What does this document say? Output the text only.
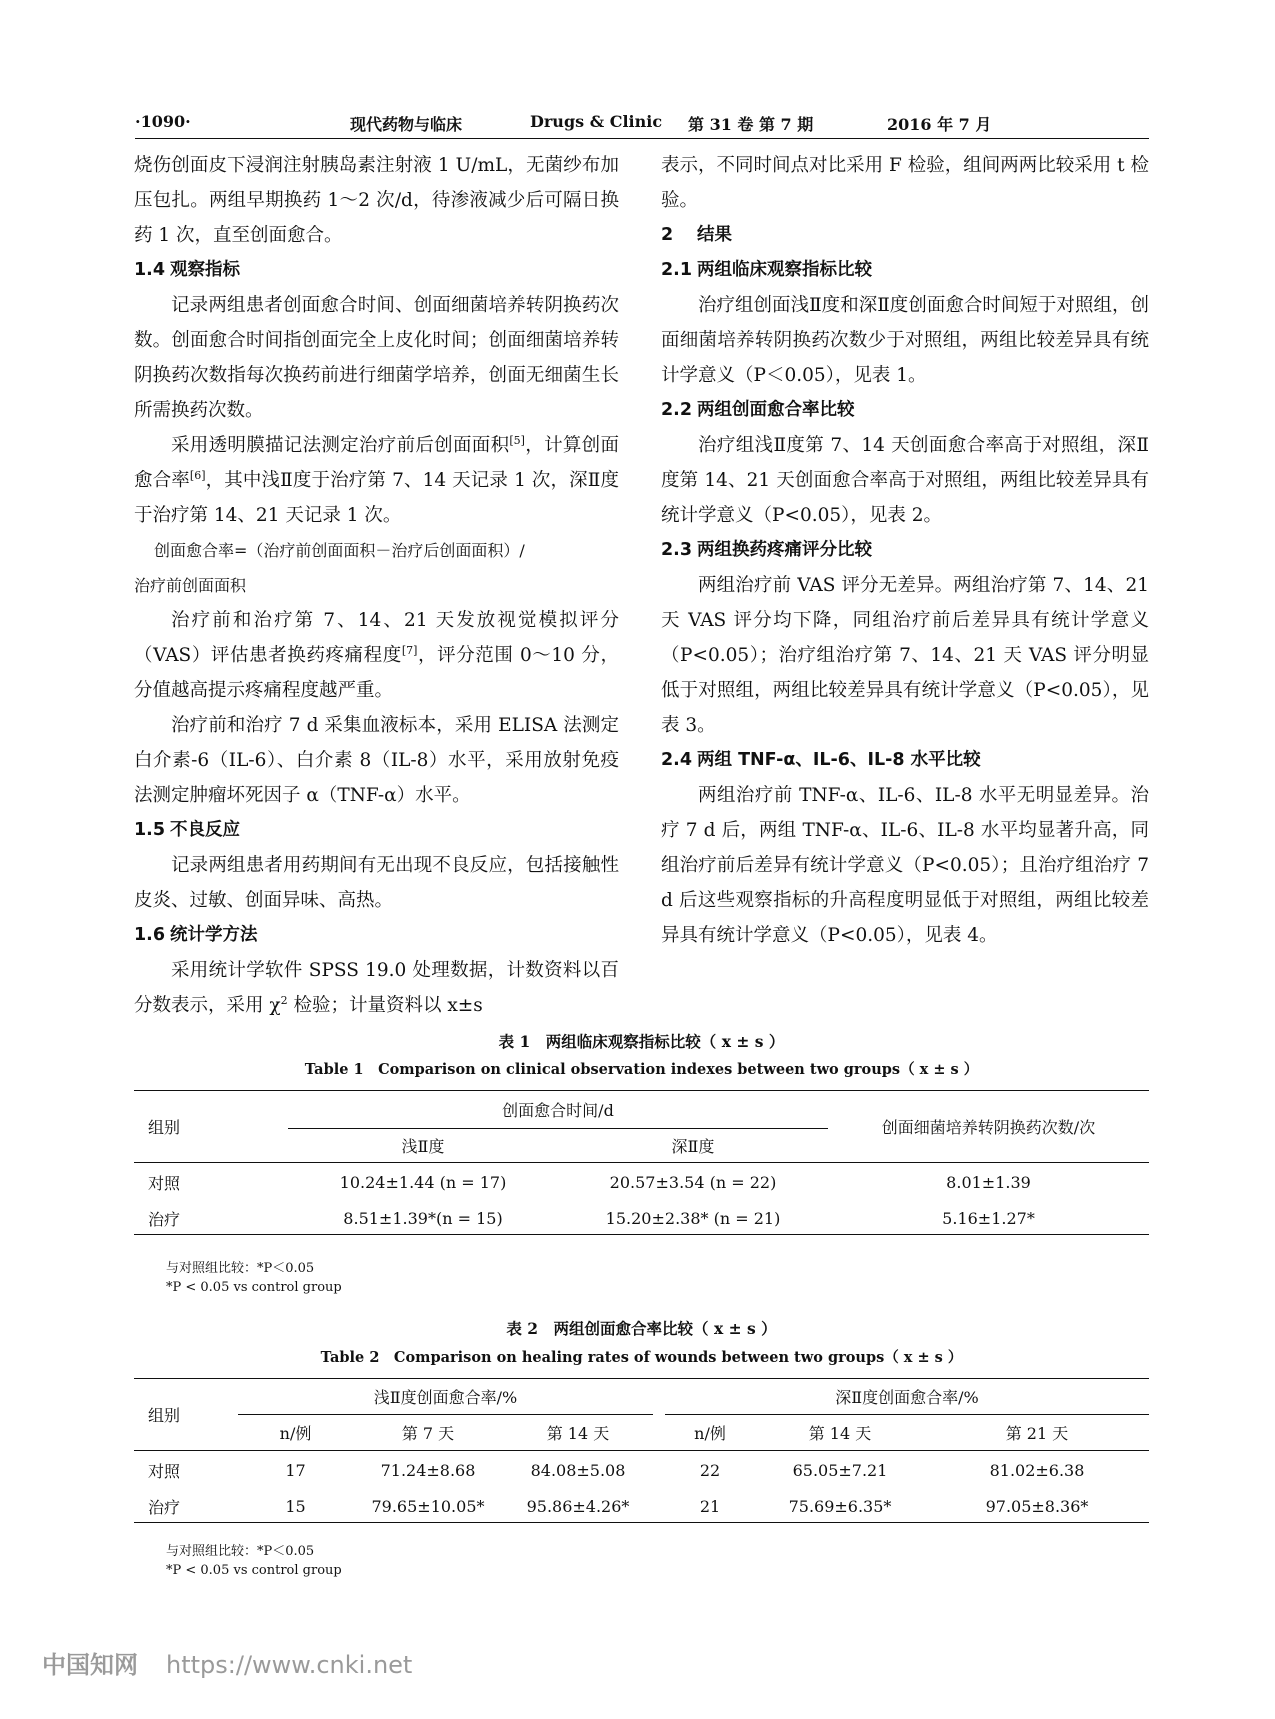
·1090·	现代药物与临床	Drugs & Clinic 第 31 卷 第 7 期	2016 年 7 月

烧伤创面皮下浸润注射胰岛素注射液 1 U/mL，无菌纱布加压包扎。两组早期换药 1～2 次/d，待渗液减少后可隔日换药 1 次，直至创面愈合。

1.4 观察指标

记录两组患者创面愈合时间、创面细菌培养转阴换药次数。创面愈合时间指创面完全上皮化时间；创面细菌培养转阴换药次数指每次换药前进行细菌学培养，创面无细菌生长所需换药次数。

采用透明膜描记法测定治疗前后创面面积[5]，计算创面愈合率[6]，其中浅Ⅱ度于治疗第 7、14 天记录 1 次，深Ⅱ度于治疗第 14、21 天记录 1 次。

创面愈合率=（治疗前创面面积－治疗后创面面积）/

治疗前创面面积

治疗前和治疗第 7、14、21 天发放视觉模拟评分（VAS）评估患者换药疼痛程度[7]，评分范围 0～10 分，分值越高提示疼痛程度越严重。

治疗前和治疗 7 d 采集血液标本，采用 ELISA 法测定白介素-6（IL-6）、白介素 8（IL-8）水平，采用放射免疫法测定肿瘤坏死因子 α（TNF-α）水平。

1.5 不良反应

记录两组患者用药期间有无出现不良反应，包括接触性皮炎、过敏、创面异味、高热。

1.6 统计学方法

采用统计学软件 SPSS 19.0 处理数据，计数资料以百分数表示，采用 $\chi^2$ 检验；计量资料以 x±s

表示，不同时间点对比采用 F 检验，组间两两比较采用 t 检验。

2 结果
2.1 两组临床观察指标比较

治疗组创面浅Ⅱ度和深Ⅱ度创面愈合时间短于对照组，创面细菌培养转阴换药次数少于对照组，两组比较差异具有统计学意义（P＜0.05），见表 1。

2.2 两组创面愈合率比较

治疗组浅Ⅱ度第 7、14 天创面愈合率高于对照组，深Ⅱ度第 14、21 天创面愈合率高于对照组，两组比较差异具有统计学意义（P<0.05），见表 2。

2.3 两组换药疼痛评分比较

两组治疗前 VAS 评分无差异。两组治疗第 7、14、21 天 VAS 评分均下降，同组治疗前后差异具有统计学意义（P<0.05）；治疗组治疗第 7、14、21 天 VAS 评分明显低于对照组，两组比较差异具有统计学意义（P<0.05），见表 3。

2.4 两组 TNF-α、IL-6、IL-8 水平比较

两组治疗前 TNF-α、IL-6、IL-8 水平无明显差异。治疗 7 d 后，两组 TNF-α、IL-6、IL-8 水平均显著升高，同组治疗前后差异有统计学意义（P<0.05）；且治疗组治疗 7 d 后这些观察指标的升高程度明显低于对照组，两组比较差异具有统计学意义（P<0.05），见表 4。

表 1　两组临床观察指标比较（ x ± s ）
Table 1　Comparison on clinical observation indexes between two groups（ x ± s ）
组别	创面愈合时间/d		创面细菌培养转阴换药次数/次
	浅Ⅱ度	深Ⅱ度	
对照	10.24±1.44 (n = 17)	20.57±3.54 (n = 22)	8.01±1.39
治疗	8.51±1.39*(n = 15)	15.20±2.38* (n = 21)	5.16±1.27*
与对照组比较：*P＜0.05
*P < 0.05 vs control group
表 2　两组创面愈合率比较（ x ± s ）
Table 2　Comparison on healing rates of wounds between two groups（ x ± s ）
组别	浅Ⅱ度创面愈合率/%				深Ⅱ度创面愈合率/%		
	n/例	第 7 天	第 14 天		n/例	第 14 天	第 21 天
对照	17	71.24±8.68	84.08±5.08		22	65.05±7.21	81.02±6.38
治疗	15	79.65±10.05*	95.86±4.26*		21	75.69±6.35*	97.05±8.36*
与对照组比较：*P＜0.05
*P < 0.05 vs control group
中国知网 https://www.cnki.net
